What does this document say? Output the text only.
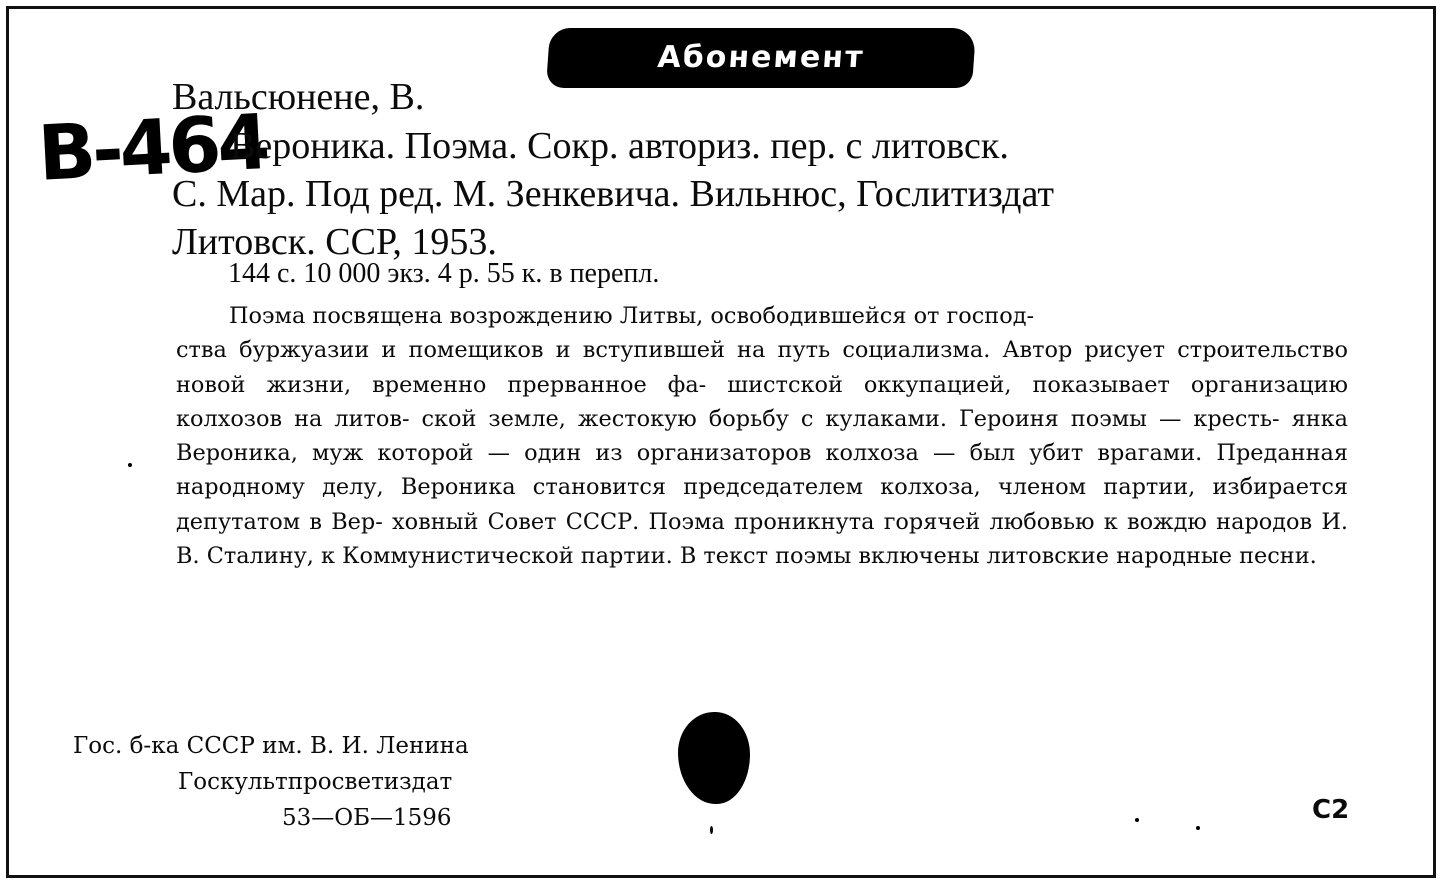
Абонемент
В-464
Вальсюнене, В.
Вероника. Поэма. Сокр. авториз. пер. с литовск.
С. Мар. Под ред. М. Зенкевича. Вильнюс, Гослитиздат
Литовск. ССР, 1953.
144 с. 10 000 экз. 4 р. 55 к. в перепл.
Поэма посвящена возрождению Литвы, освободившейся от господ-
ства буржуазии и помещиков и вступившей на путь социализма. Автор рисует строительство новой жизни, временно прерванное фа- шистской оккупацией, показывает организацию колхозов на литов- ской земле, жестокую борьбу с кулаками. Героиня поэмы — кресть- янка Вероника, муж которой — один из организаторов колхоза — был убит врагами. Преданная народному делу, Вероника становится председателем колхоза, членом партии, избирается депутатом в Вер- ховный Совет СССР. Поэма проникнута горячей любовью к вождю народов И. В. Сталину, к Коммунистической партии. В текст поэмы включены литовские народные песни.
Гос. б-ка СССР им. В. И. Ленина
Госкультпросветиздат
53—ОБ—1596	С2
